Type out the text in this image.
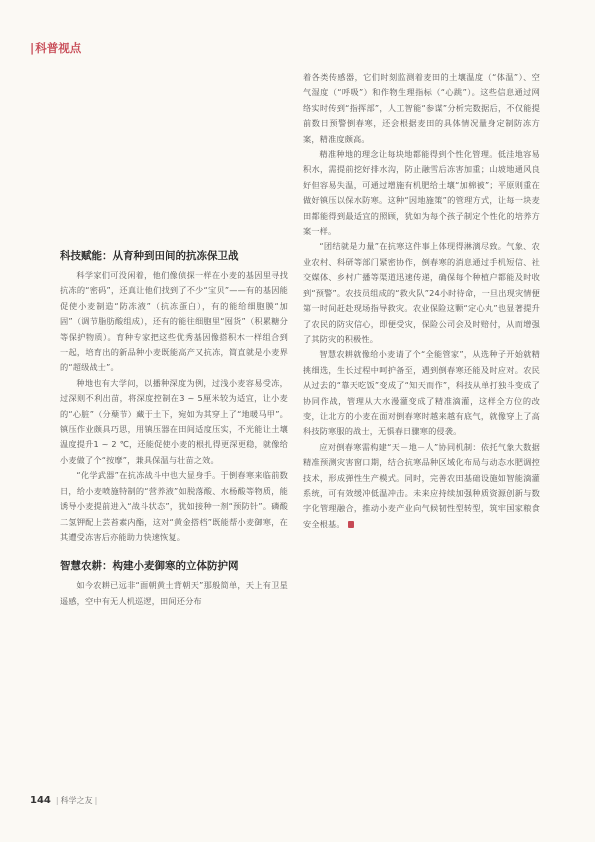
|科普视点
科技赋能：从育种到田间的抗冻保卫战

科学家们可没闲着，他们像侦探一样在小麦的基因里寻找抗冻的“密码”，还真让他们找到了不少“宝贝”——有的基因能促使小麦制造“防冻液”（抗冻蛋白），有的能给细胞膜“加固”（调节脂肪酸组成），还有的能往细胞里“囤货”（积累糖分等保护物质）。育种专家把这些优秀基因像搭积木一样组合到一起，培育出的新品种小麦既能高产又抗冻，简直就是小麦界的“超级战士”。

种地也有大学问，以播种深度为例，过浅小麦容易受冻，过深则不利出苗，将深度控制在3 ~ 5厘米较为适宜，让小麦的“心脏”（分蘖节）藏于土下，宛如为其穿上了“地暖马甲”。镇压作业颇具巧思，用镇压器在田间适度压实，不光能让土壤温度提升1 ~ 2 ℃，还能促使小麦的根扎得更深更稳，就像给小麦做了个“按摩”，兼具保温与壮苗之效。

“化学武器”在抗冻战斗中也大显身手。于倒春寒来临前数日，给小麦喷施特制的“营养液”如脱落酸、水杨酸等物质，能诱导小麦提前进入“战斗状态”，犹如接种一剂“预防针”。磷酸二氢钾配上芸苔素内酯，这对“黄金搭档”既能帮小麦御寒，在其遭受冻害后亦能助力快速恢复。

智慧农耕：构建小麦御寒的立体防护网

如今农耕已远非“面朝黄土背朝天”那般简单，天上有卫星遥感，空中有无人机巡逻，田间还分布

着各类传感器，它们时刻监测着麦田的土壤温度（“体温”）、空气湿度（“呼吸”）和作物生理指标（“心跳”）。这些信息通过网络实时传到“指挥部”，人工智能“参谋”分析完数据后，不仅能提前数日预警倒春寒，还会根据麦田的具体情况量身定制防冻方案，精准度颇高。

精准种地的理念让每块地都能得到个性化管理。低洼地容易积水，需提前挖好排水沟，防止融雪后冻害加重；山坡地通风良好但容易失温，可通过增施有机肥给土壤“加棉被”；平原则重在做好镇压以保水防寒。这种“因地施策”的管理方式，让每一块麦田都能得到最适宜的照顾，犹如为每个孩子制定个性化的培养方案一样。

“团结就是力量”在抗寒这件事上体现得淋漓尽致。气象、农业农村、科研等部门紧密协作，倒春寒的消息通过手机短信、社交媒体、乡村广播等渠道迅速传递，确保每个种植户都能及时收到“预警”。农技员组成的“救火队”24小时待命，一旦出现灾情便第一时间赶赴现场指导救灾。农业保险这颗“定心丸”也显著提升了农民的防灾信心，即便受灾，保险公司会及时赔付，从而增强了其防灾的积极性。

智慧农耕就像给小麦请了个“全能管家”，从选种子开始就精挑细选，生长过程中呵护备至，遇到倒春寒还能及时应对。农民从过去的“靠天吃饭”变成了“知天而作”，科技从单打独斗变成了协同作战，管理从大水漫灌变成了精准滴灌，这样全方位的改变，让北方的小麦在面对倒春寒时越来越有底气，就像穿上了高科技防寒服的战士，无惧春日骤寒的侵袭。

应对倒春寒需构建“天－地－人”协同机制：依托气象大数据精准预测灾害窗口期，结合抗寒品种区域化布局与动态水肥调控技术，形成弹性生产模式。同时，完善农田基础设施如智能滴灌系统，可有效缓冲低温冲击。未来应持续加强种质资源创新与数字化管理融合，推动小麦产业向气候韧性型转型，筑牢国家粮食安全根基。

144 | 科学之友 |
